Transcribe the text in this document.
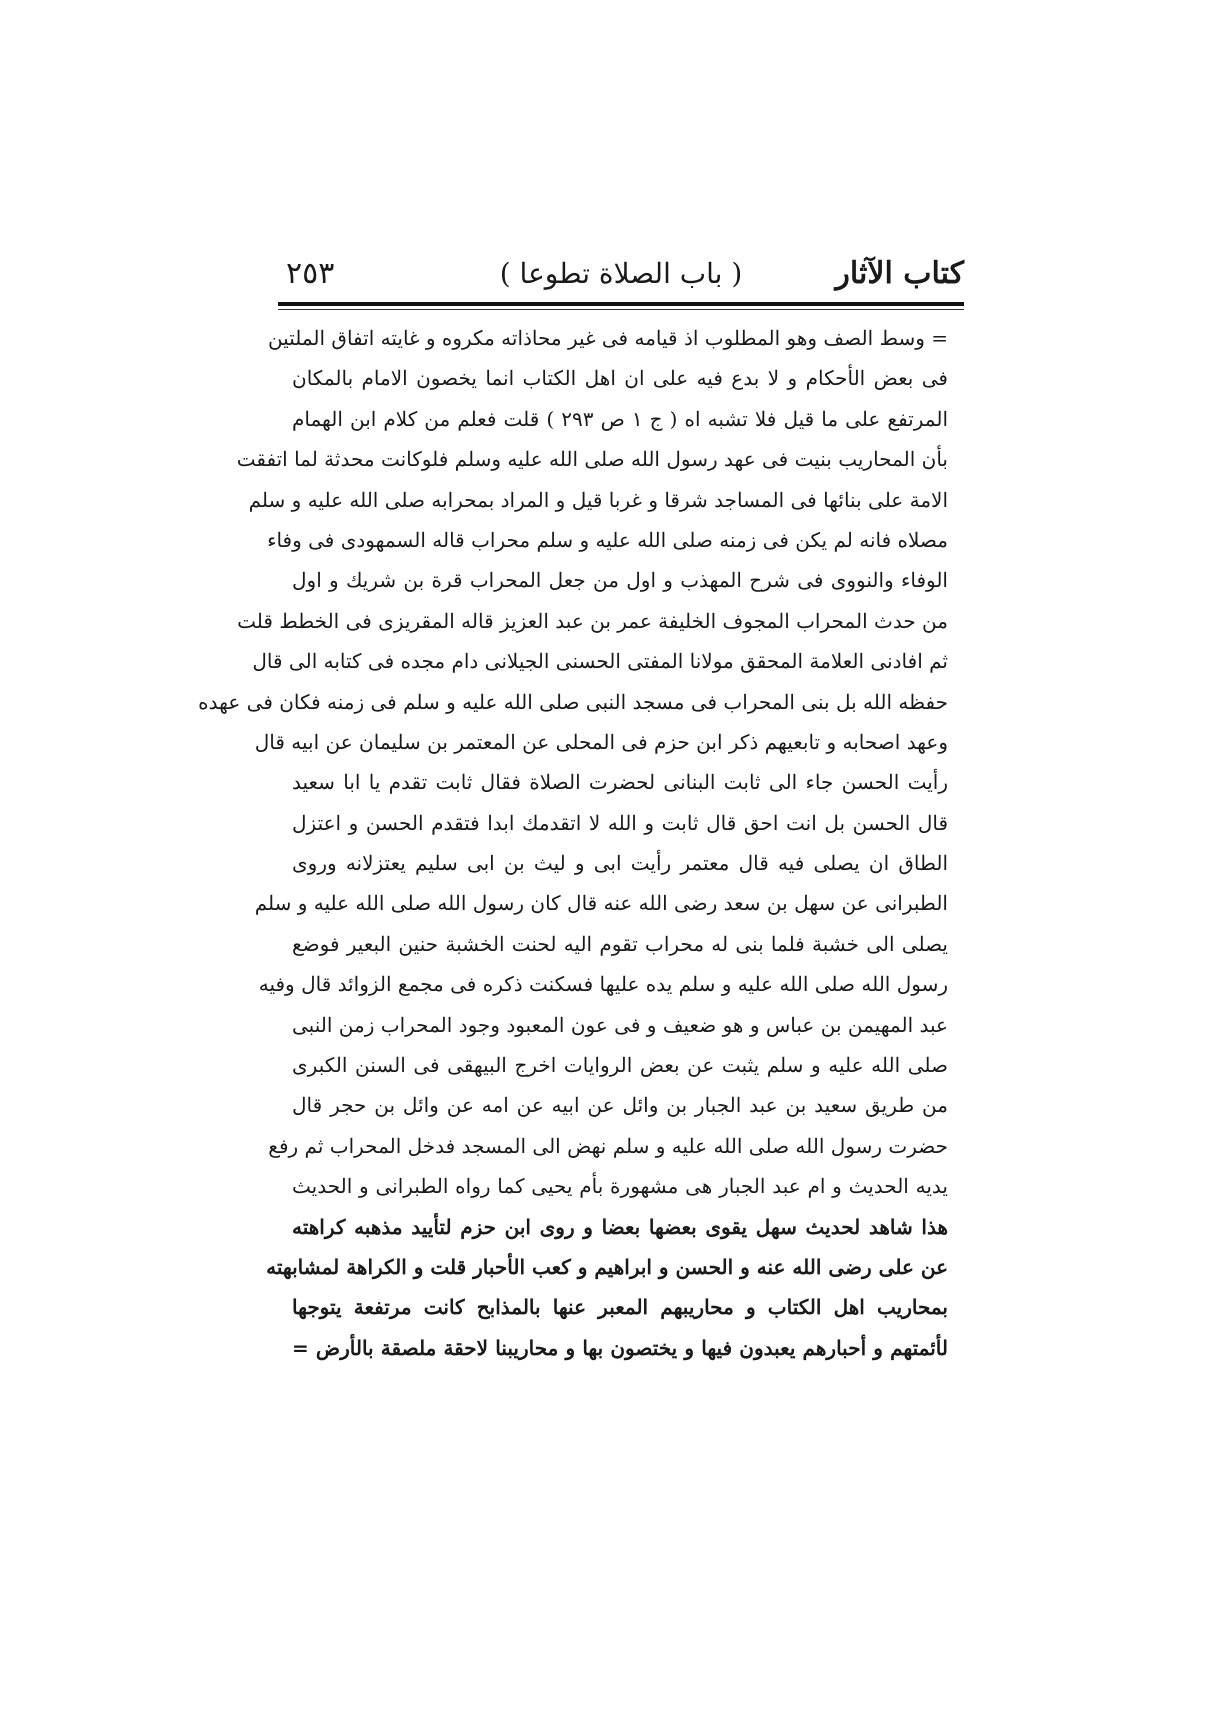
كتاب الآثار
( باب الصلاة تطوعا )
٢٥٣
= وسط الصف وهو المطلوب اذ قيامه فى غير محاذاته مكروه و غايته اتفاق الملتين
فى بعض الأحكام و لا بدع فيه على ان اهل الكتاب انما يخصون الامام بالمكان
المرتفع على ما قيل فلا تشبه اه ( ج ١ ص ٢٩٣ ) قلت فعلم من كلام ابن الهمام
بأن المحاريب بنيت فى عهد رسول الله صلى الله عليه وسلم فلوكانت محدثة لما اتفقت
الامة على بنائها فى المساجد شرقا و غربا قيل و المراد بمحرابه صلى الله عليه و سلم
مصلاه فانه لم يكن فى زمنه صلى الله عليه و سلم محراب قاله السمهودى فى وفاء
الوفاء والنووى فى شرح المهذب و اول من جعل المحراب قرة بن شريك و اول
من حدث المحراب المجوف الخليفة عمر بن عبد العزيز قاله المقريزى فى الخطط قلت
ثم افادنى العلامة المحقق مولانا المفتى الحسنى الجيلانى دام مجده فى كتابه الى قال
حفظه الله بل بنى المحراب فى مسجد النبى صلى الله عليه و سلم فى زمنه فكان فى عهده
وعهد اصحابه و تابعيهم ذكر ابن حزم فى المحلى عن المعتمر بن سليمان عن ابيه قال
رأيت الحسن جاء الى ثابت البنانى لحضرت الصلاة فقال ثابت تقدم يا ابا سعيد
قال الحسن بل انت احق قال ثابت و الله لا اتقدمك ابدا فتقدم الحسن و اعتزل
الطاق ان يصلى فيه قال معتمر رأيت ابى و ليث بن ابى سليم يعتزلانه وروى
الطبرانى عن سهل بن سعد رضى الله عنه قال كان رسول الله صلى الله عليه و سلم
يصلى الى خشبة فلما بنى له محراب تقوم اليه لحنت الخشبة حنين البعير فوضع
رسول الله صلى الله عليه و سلم يده عليها فسكنت ذكره فى مجمع الزوائد قال وفيه
عبد المهيمن بن عباس و هو ضعيف و فى عون المعبود وجود المحراب زمن النبى
صلى الله عليه و سلم يثبت عن بعض الروايات اخرج البيهقى فى السنن الكبرى
من طريق سعيد بن عبد الجبار بن وائل عن ابيه عن امه عن وائل بن حجر قال
حضرت رسول الله صلى الله عليه و سلم نهض الى المسجد فدخل المحراب ثم رفع
يديه الحديث و ام عبد الجبار هى مشهورة بأم يحيى كما رواه الطبرانى و الحديث
هذا شاهد لحديث سهل يقوى بعضها بعضا و روى ابن حزم لتأييد مذهبه كراهته
عن على رضى الله عنه و الحسن و ابراهيم و كعب الأحبار قلت و الكراهة لمشابهته
بمحاريب اهل الكتاب و محاريبهم المعبر عنها بالمذابح كانت مرتفعة يتوجها
لأئمتهم و أحبارهم يعبدون فيها و يختصون بها و محاريبنا لاحقة ملصقة بالأرض =
